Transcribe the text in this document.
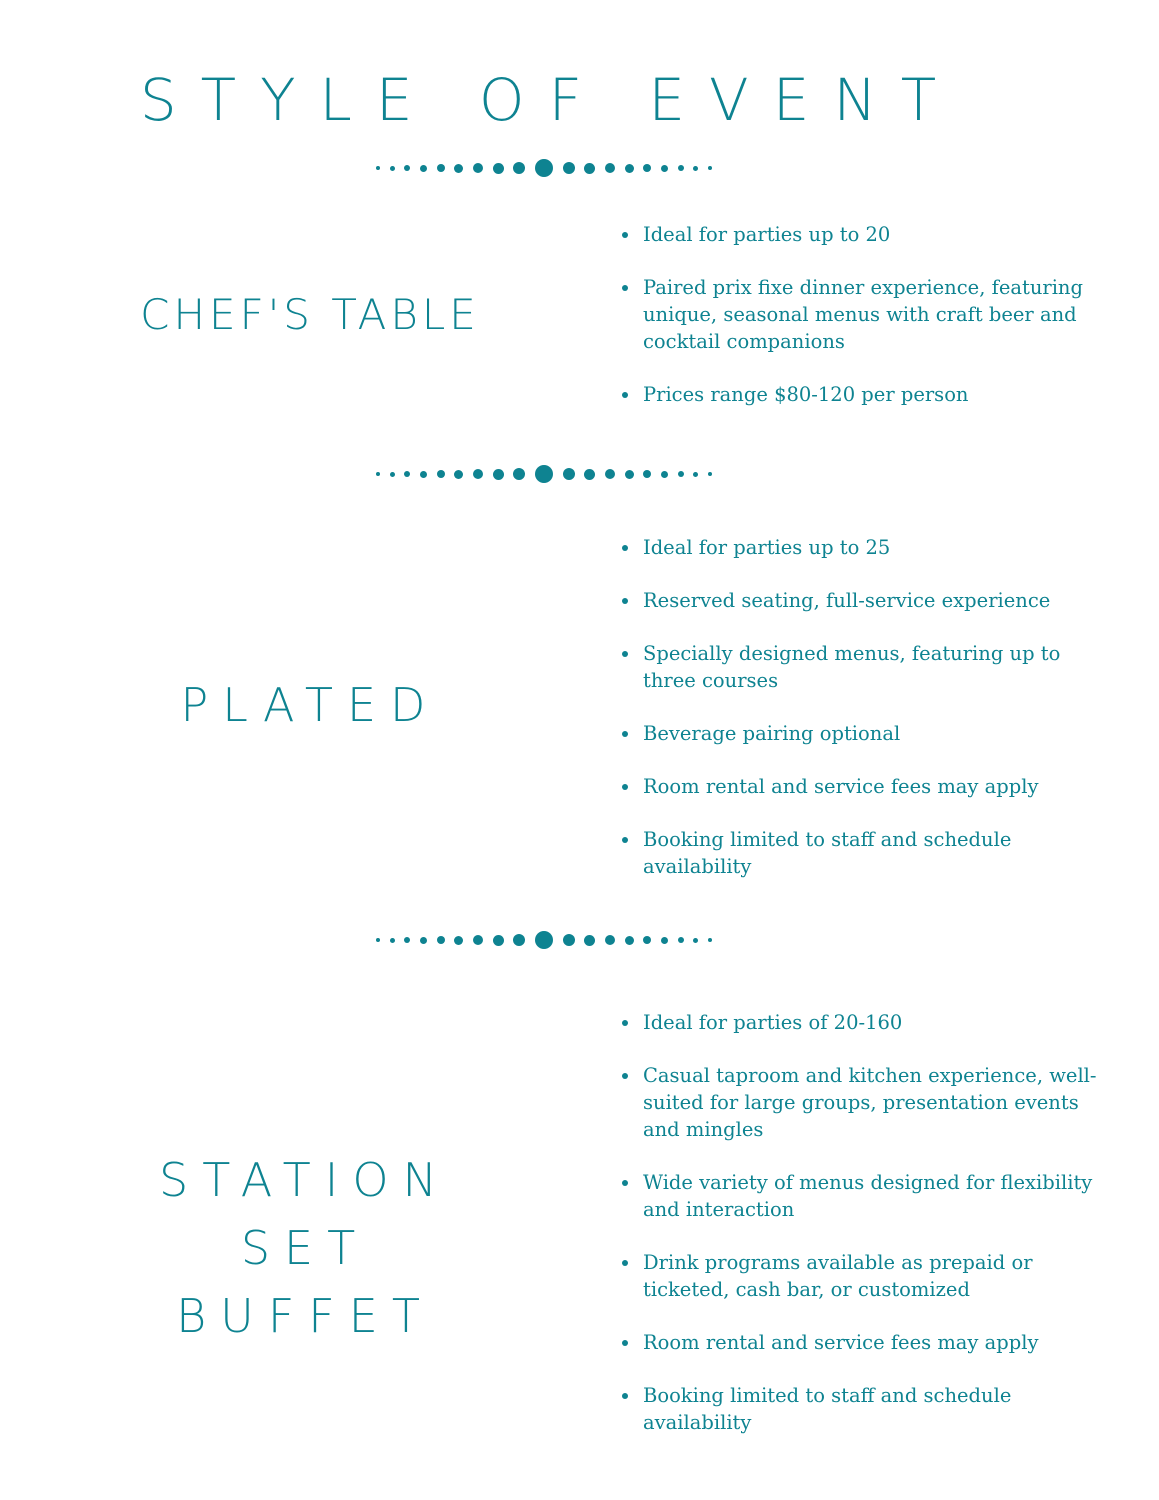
STYLE OF EVENT
CHEF'S TABLE
Ideal for parties up to 20
Paired prix fixe dinner experience, featuring unique, seasonal menus with craft beer and cocktail companions
Prices range $80-120 per person
PLATED
Ideal for parties up to 25
Reserved seating, full-service experience
Specially designed menus, featuring up to three courses
Beverage pairing optional
Room rental and service fees may apply
Booking limited to staff and schedule availability
STATION SET BUFFET
Ideal for parties of 20-160
Casual taproom and kitchen experience, well-suited for large groups, presentation events and mingles
Wide variety of menus designed for flexibility and interaction
Drink programs available as prepaid or ticketed, cash bar, or customized
Room rental and service fees may apply
Booking limited to staff and schedule availability
